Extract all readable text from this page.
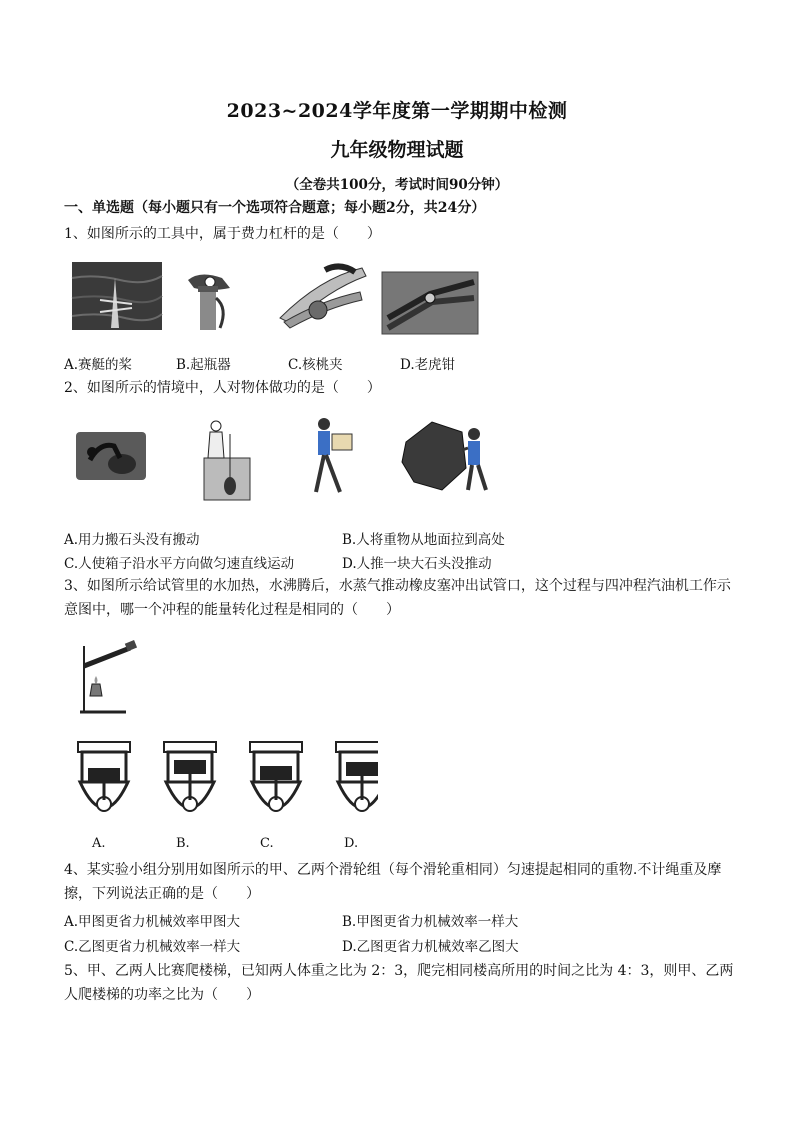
2023~2024学年度第一学期期中检测
九年级物理试题
（全卷共100分，考试时间90分钟）
一、单选题（每小题只有一个选项符合题意；每小题2分，共24分）
1、如图所示的工具中，属于费力杠杆的是（　　）
A.赛艇的桨	B.起瓶器	C.核桃夹	D.老虎钳
2、如图所示的情境中，人对物体做功的是（　　）
A.用力搬石头没有搬动	B.人将重物从地面拉到高处
C.人使箱子沿水平方向做匀速直线运动	D.人推一块大石头没推动
3、如图所示给试管里的水加热，水沸腾后，水蒸气推动橡皮塞冲出试管口，这个过程与四冲程汽油机工作示
意图中，哪一个冲程的能量转化过程是相同的（　　）
A.	B.	C.	D.
4、某实验小组分别用如图所示的甲、乙两个滑轮组（每个滑轮重相同）匀速提起相同的重物.不计绳重及摩
擦，下列说法正确的是（　　）
A.甲图更省力机械效率甲图大	B.甲图更省力机械效率一样大
C.乙图更省力机械效率一样大	D.乙图更省力机械效率乙图大
5、甲、乙两人比赛爬楼梯，已知两人体重之比为 2：3，爬完相同楼高所用的时间之比为 4：3，则甲、乙两
人爬楼梯的功率之比为（　　）
